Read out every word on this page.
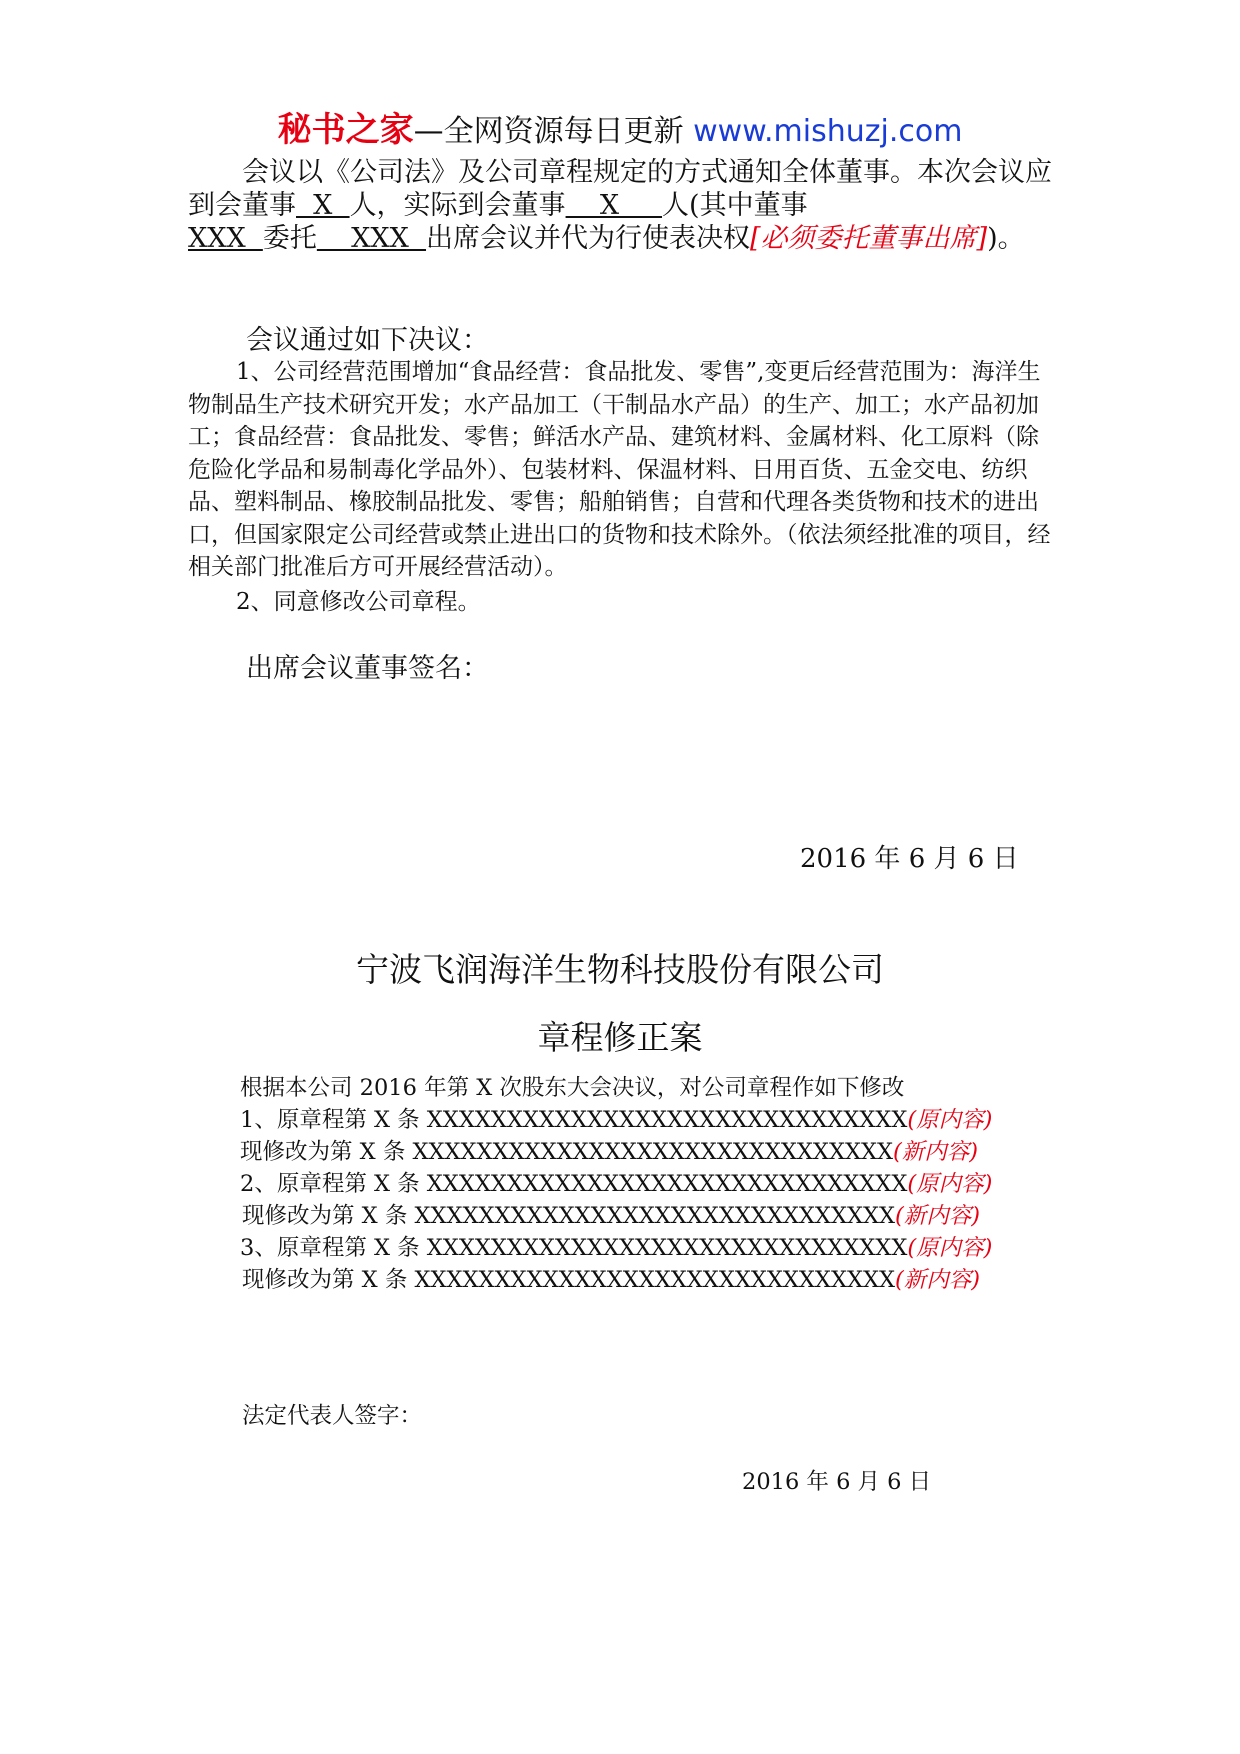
秘书之家—全网资源每日更新 www.mishuzj.com
会议以《公司法》及公司章程规定的方式通知全体董事。本次会议应到会董事  X  人，实际到会董事    X     人(其中董事
XXX  委托    XXX  出席会议并代为行使表决权[必须委托董事出席])。
会议通过如下决议：
1、公司经营范围增加“食品经营：食品批发、零售”,变更后经营范围为：海洋生物制品生产技术研究开发；水产品加工（干制品水产品）的生产、加工；水产品初加工；食品经营：食品批发、零售；鲜活水产品、建筑材料、金属材料、化工原料（除危险化学品和易制毒化学品外）、包装材料、保温材料、日用百货、五金交电、纺织品、塑料制品、橡胶制品批发、零售；船舶销售；自营和代理各类货物和技术的进出口，但国家限定公司经营或禁止进出口的货物和技术除外。（依法须经批准的项目，经相关部门批准后方可开展经营活动）。
2、同意修改公司章程。
出席会议董事签名：
2016 年 6 月 6 日
宁波飞润海洋生物科技股份有限公司
章程修正案
根据本公司 2016 年第 X 次股东大会决议，对公司章程作如下修改
1、原章程第 X 条 XXXXXXXXXXXXXXXXXXXXXXXXXXXXXX(原内容)
现修改为第 X 条 XXXXXXXXXXXXXXXXXXXXXXXXXXXXXX(新内容)
2、原章程第 X 条 XXXXXXXXXXXXXXXXXXXXXXXXXXXXXX(原内容)
现修改为第 X 条 XXXXXXXXXXXXXXXXXXXXXXXXXXXXXX(新内容)
3、原章程第 X 条 XXXXXXXXXXXXXXXXXXXXXXXXXXXXXX(原内容)
现修改为第 X 条 XXXXXXXXXXXXXXXXXXXXXXXXXXXXXX(新内容)
法定代表人签字：
2016 年 6 月 6 日
